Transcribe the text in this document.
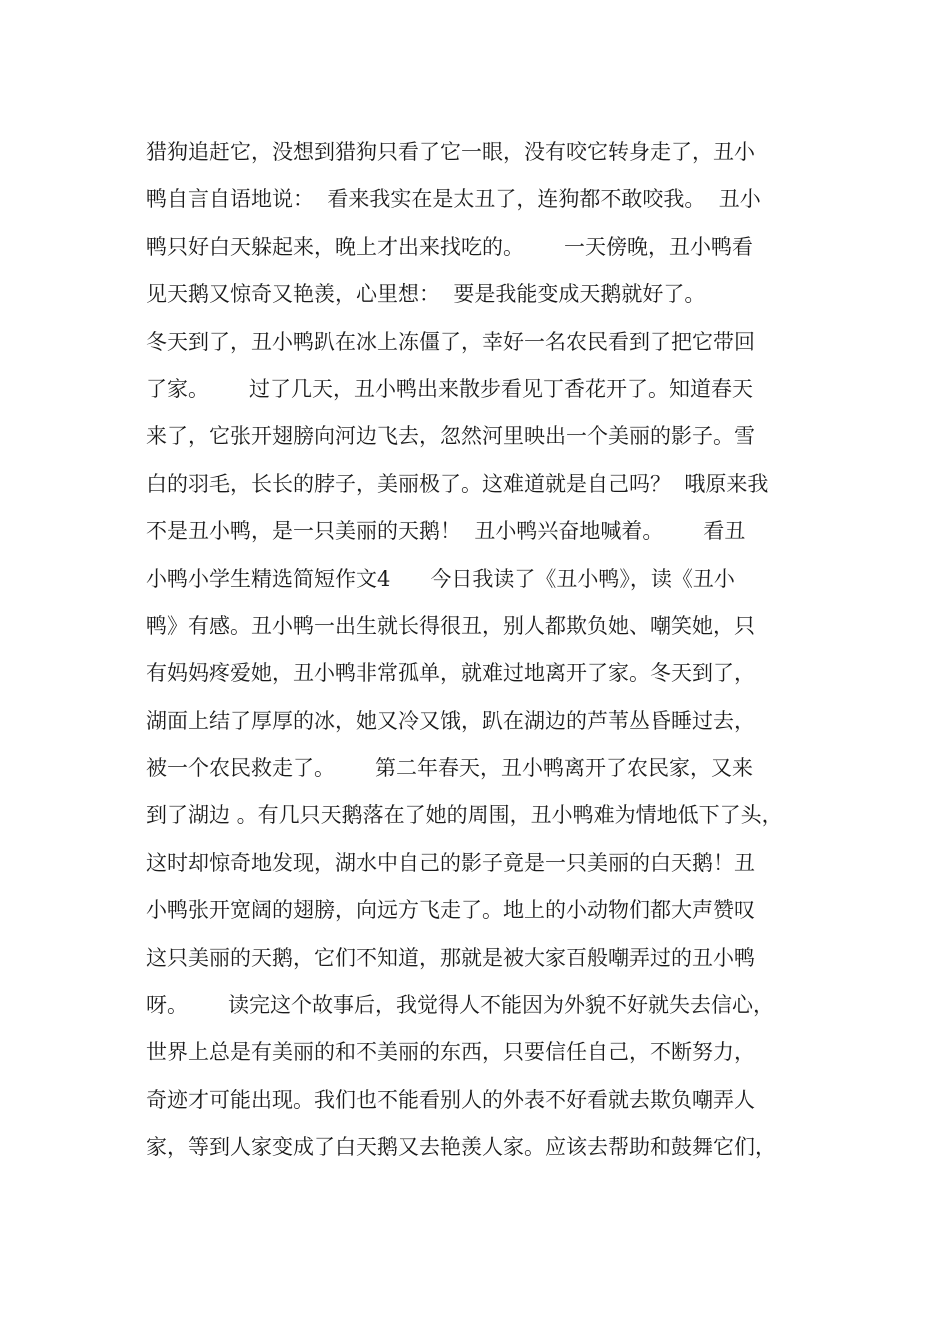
猎狗追赶它，没想到猎狗只看了它一眼，没有咬它转身走了，丑小
鸭自言自语地说：  看来我实在是太丑了，连狗都不敢咬我。  丑小
鸭只好白天躲起来，晚上才出来找吃的。      一天傍晚，丑小鸭看
见天鹅又惊奇又艳羡，心里想：  要是我能变成天鹅就好了。
冬天到了，丑小鸭趴在冰上冻僵了，幸好一名农民看到了把它带回
了家。      过了几天，丑小鸭出来散步看见丁香花开了。知道春天
来了，它张开翅膀向河边飞去，忽然河里映出一个美丽的影子。雪
白的羽毛，长长的脖子，美丽极了。这难道就是自己吗？  哦原来我
不是丑小鸭，是一只美丽的天鹅！  丑小鸭兴奋地喊着。      看丑
小鸭小学生精选简短作文4      今日我读了《丑小鸭》，读《丑小
鸭》有感。丑小鸭一出生就长得很丑，别人都欺负她、嘲笑她，只
有妈妈疼爱她，丑小鸭非常孤单，就难过地离开了家。冬天到了，
湖面上结了厚厚的冰，她又冷又饿，趴在湖边的芦苇丛昏睡过去，
被一个农民救走了。      第二年春天，丑小鸭离开了农民家，又来
到了湖边 。有几只天鹅落在了她的周围，丑小鸭难为情地低下了头，
这时却惊奇地发现，湖水中自己的影子竟是一只美丽的白天鹅！丑
小鸭张开宽阔的翅膀，向远方飞走了。地上的小动物们都大声赞叹
这只美丽的天鹅，它们不知道，那就是被大家百般嘲弄过的丑小鸭
呀。      读完这个故事后，我觉得人不能因为外貌不好就失去信心，
世界上总是有美丽的和不美丽的东西，只要信任自己，不断努力，
奇迹才可能出现。我们也不能看别人的外表不好看就去欺负嘲弄人
家，等到人家变成了白天鹅又去艳羡人家。应该去帮助和鼓舞它们，
